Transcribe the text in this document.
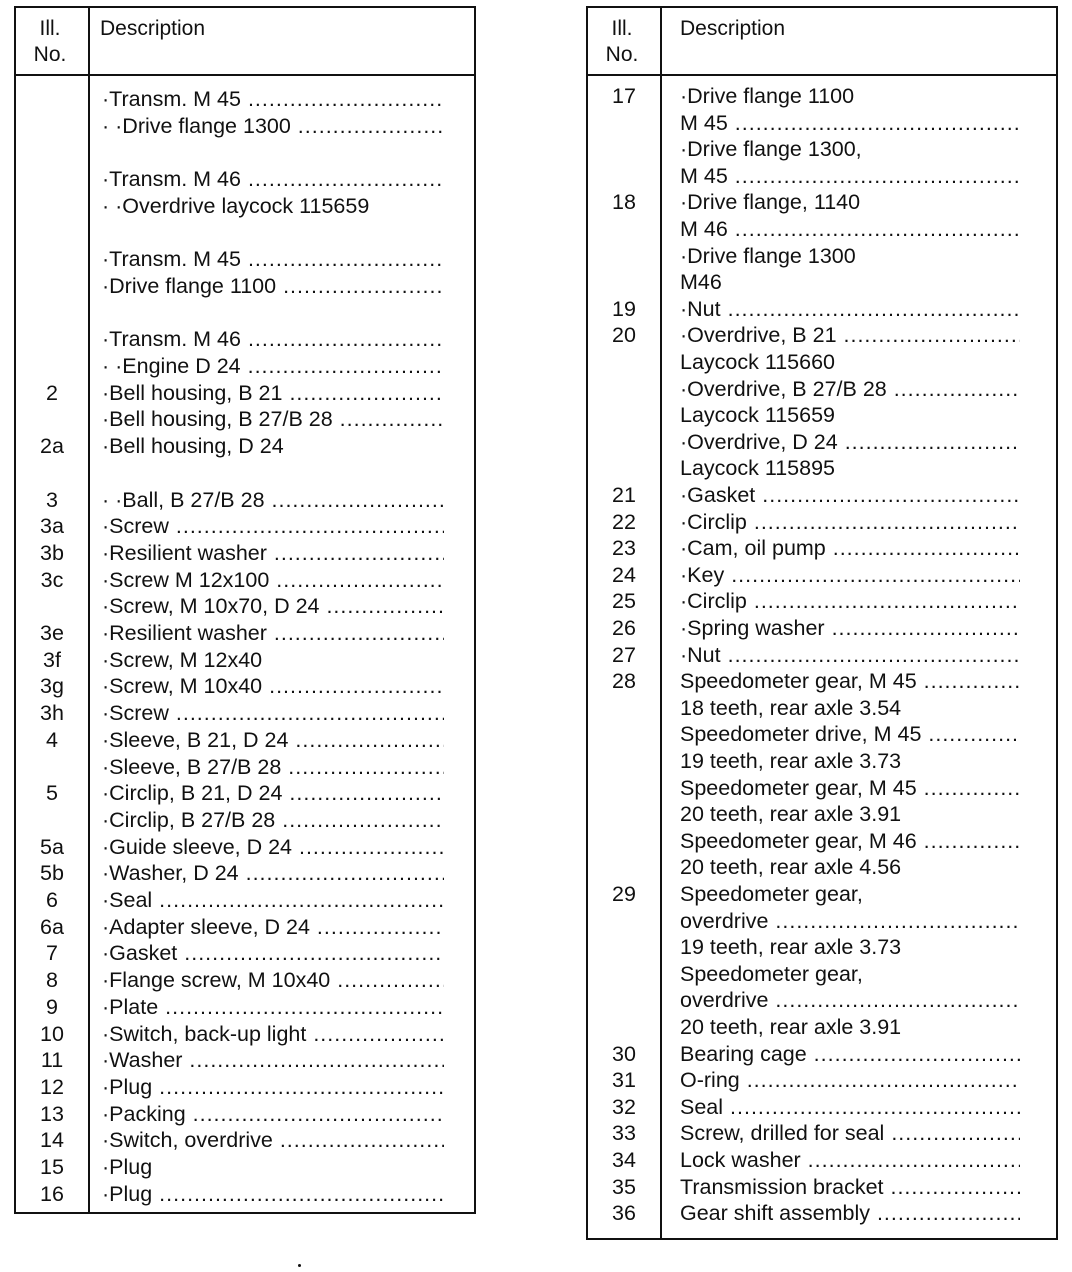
Ill.
No.
Description
·Transm. M 45 .....
· ·Drive flange 1300 .....
·Transm. M 46 .....
· ·Overdrive laycock 115659
·Transm. M 45 .....
·Drive flange 1100 .....
·Transm. M 46 .....
· ·Engine D 24 .....
2	·Bell housing, B 21 .....
·Bell housing, B 27/B 28 .....
2a	·Bell housing, D 24
3	· ·Ball, B 27/B 28 .....
3a	·Screw .....
3b	·Resilient washer .....
3c	·Screw M 12x100 .....
·Screw, M 10x70, D 24 .....
3e	·Resilient washer .....
3f	·Screw, M 12x40
3g	·Screw, M 10x40 .....
3h	·Screw .....
4	·Sleeve, B 21, D 24 .....
·Sleeve, B 27/B 28 .....
5	·Circlip, B 21, D 24 .....
·Circlip, B 27/B 28 .....
5a	·Guide sleeve, D 24 .....
5b	·Washer, D 24 .....
6	·Seal .....
6a	·Adapter sleeve, D 24 .....
7	·Gasket .....
8	·Flange screw, M 10x40 .....
9	·Plate .....
10	·Switch, back-up light .....
11	·Washer .....
12	·Plug .....
13	·Packing .....
14	·Switch, overdrive .....
15	·Plug
16	·Plug .....
Ill.
No.
Description
17	·Drive flange 1100
M 45 .....
·Drive flange 1300,
M 45 .....
18	·Drive flange, 1140
M 46 .....
·Drive flange 1300
M46
19	·Nut .....
20	·Overdrive, B 21 .....
Laycock 115660
·Overdrive, B 27/B 28 .....
Laycock 115659
·Overdrive, D 24 .....
Laycock 115895
21	·Gasket .....
22	·Circlip .....
23	·Cam, oil pump .....
24	·Key .....
25	·Circlip .....
26	·Spring washer .....
27	·Nut .....
28	Speedometer gear, M 45 .....
18 teeth, rear axle 3.54
Speedometer drive, M 45 .....
19 teeth, rear axle 3.73
Speedometer gear, M 45 .....
20 teeth, rear axle 3.91
Speedometer gear, M 46 .....
20 teeth, rear axle 4.56
29	Speedometer gear,
overdrive .....
19 teeth, rear axle 3.73
Speedometer gear,
overdrive .....
20 teeth, rear axle 3.91
30	Bearing cage .....
31	O-ring .....
32	Seal .....
33	Screw, drilled for seal .....
34	Lock washer .....
35	Transmission bracket .....
36	Gear shift assembly .....
